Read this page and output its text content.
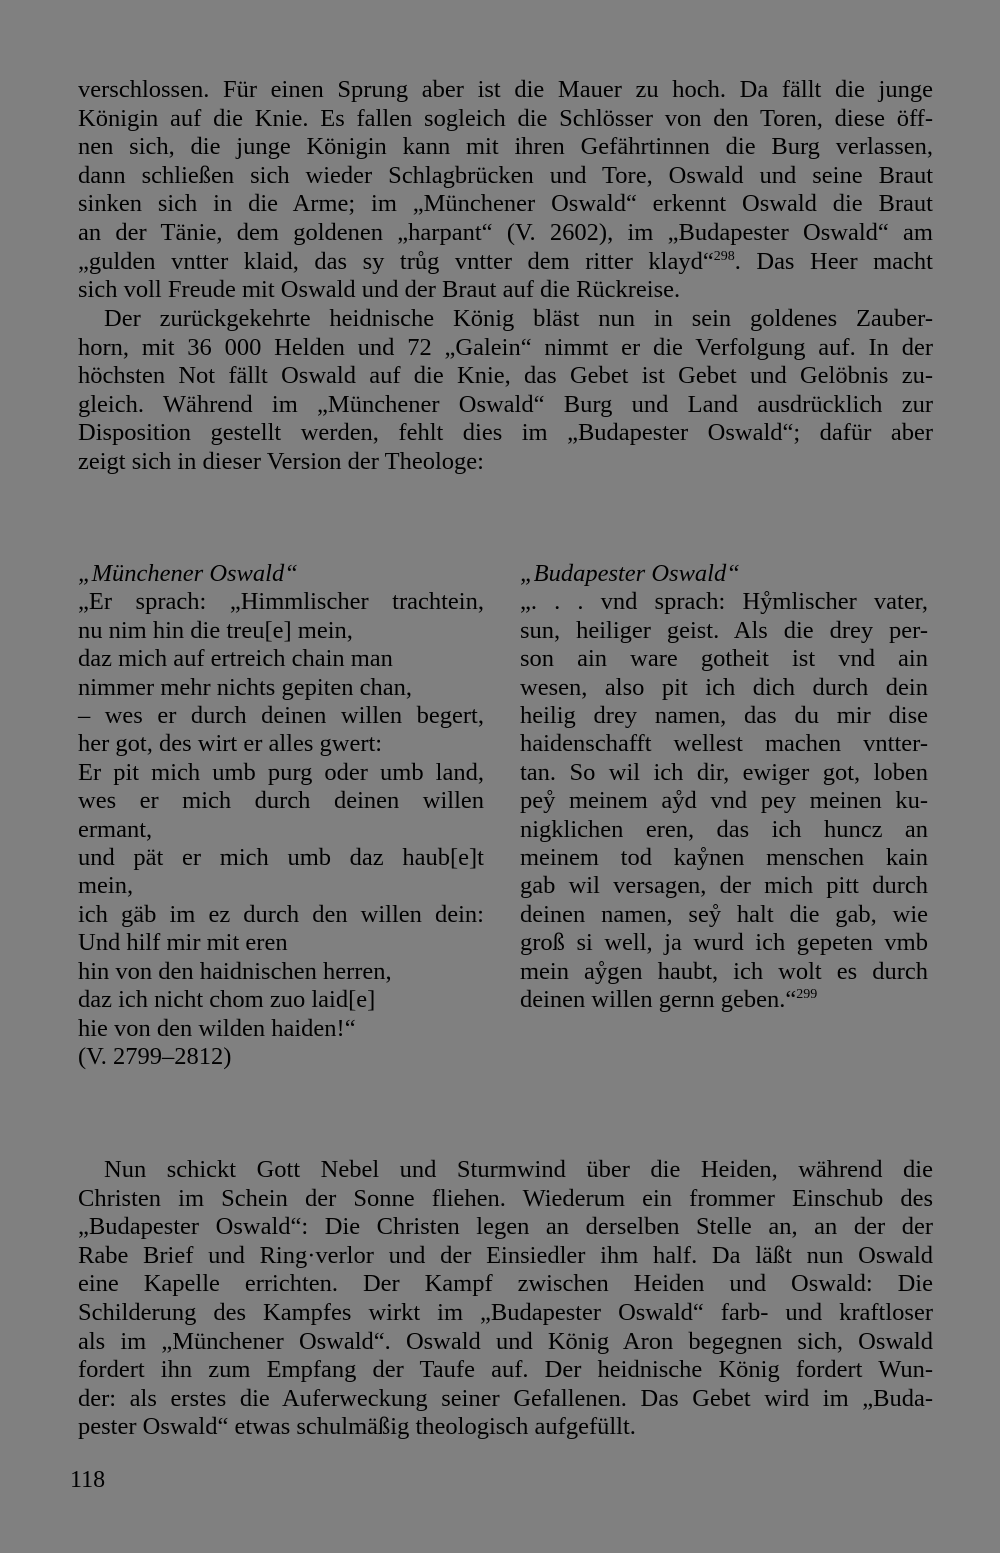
verschlossen. Für einen Sprung aber ist die Mauer zu hoch. Da fällt die junge
Königin auf die Knie. Es fallen sogleich die Schlösser von den Toren, diese öff-
nen sich, die junge Königin kann mit ihren Gefährtinnen die Burg verlassen,
dann schließen sich wieder Schlagbrücken und Tore, Oswald und seine Braut
sinken sich in die Arme; im „Münchener Oswald“ erkennt Oswald die Braut
an der Tänie, dem goldenen „harpant“ (V. 2602), im „Budapester Oswald“ am
„gulden vntter klaid, das sy trůg vntter dem ritter klayd“$^{298}$. Das Heer macht
sich voll Freude mit Oswald und der Braut auf die Rückreise.
Der zurückgekehrte heidnische König bläst nun in sein goldenes Zauber-
horn, mit 36 000 Helden und 72 „Galein“ nimmt er die Verfolgung auf. In der
höchsten Not fällt Oswald auf die Knie, das Gebet ist Gebet und Gelöbnis zu-
gleich. Während im „Münchener Oswald“ Burg und Land ausdrücklich zur
Disposition gestellt werden, fehlt dies im „Budapester Oswald“; dafür aber
zeigt sich in dieser Version der Theologe:
„Münchener Oswald“
„Er sprach: „Himmlischer trachtein,
nu nim hin die treu[e] mein,
daz mich auf ertreich chain man
nimmer mehr nichts gepiten chan,
– wes er durch deinen willen begert,
her got, des wirt er alles gwert:
Er pit mich umb purg oder umb land,
wes er mich durch deinen willen
ermant,
und pät er mich umb daz haub[e]t
mein,
ich gäb im ez durch den willen dein:
Und hilf mir mit eren
hin von den haidnischen herren,
daz ich nicht chom zuo laid[e]
hie von den wilden haiden!“
(V. 2799–2812)
„Budapester Oswald“
„. . . vnd sprach: Hẙmlischer vater,
sun, heiliger geist. Als die drey per-
son ain ware gotheit ist vnd ain
wesen, also pit ich dich durch dein
heilig drey namen, das du mir dise
haidenschafft wellest machen vntter-
tan. So wil ich dir, ewiger got, loben
peẙ meinem aẙd vnd pey meinen ku-
nigklichen eren, das ich huncz an
meinem tod kaẙnen menschen kain
gab wil versagen, der mich pitt durch
deinen namen, seẙ halt die gab, wie
groß si well, ja wurd ich gepeten vmb
mein aẙgen haubt, ich wolt es durch
deinen willen gernn geben.“$^{299}$
Nun schickt Gott Nebel und Sturmwind über die Heiden, während die
Christen im Schein der Sonne fliehen. Wiederum ein frommer Einschub des
„Budapester Oswald“: Die Christen legen an derselben Stelle an, an der der
Rabe Brief und Ring·verlor und der Einsiedler ihm half. Da läßt nun Oswald
eine Kapelle errichten. Der Kampf zwischen Heiden und Oswald: Die
Schilderung des Kampfes wirkt im „Budapester Oswald“ farb- und kraftloser
als im „Münchener Oswald“. Oswald und König Aron begegnen sich, Oswald
fordert ihn zum Empfang der Taufe auf. Der heidnische König fordert Wun-
der: als erstes die Auferweckung seiner Gefallenen. Das Gebet wird im „Buda-
pester Oswald“ etwas schulmäßig theologisch aufgefüllt.
118
